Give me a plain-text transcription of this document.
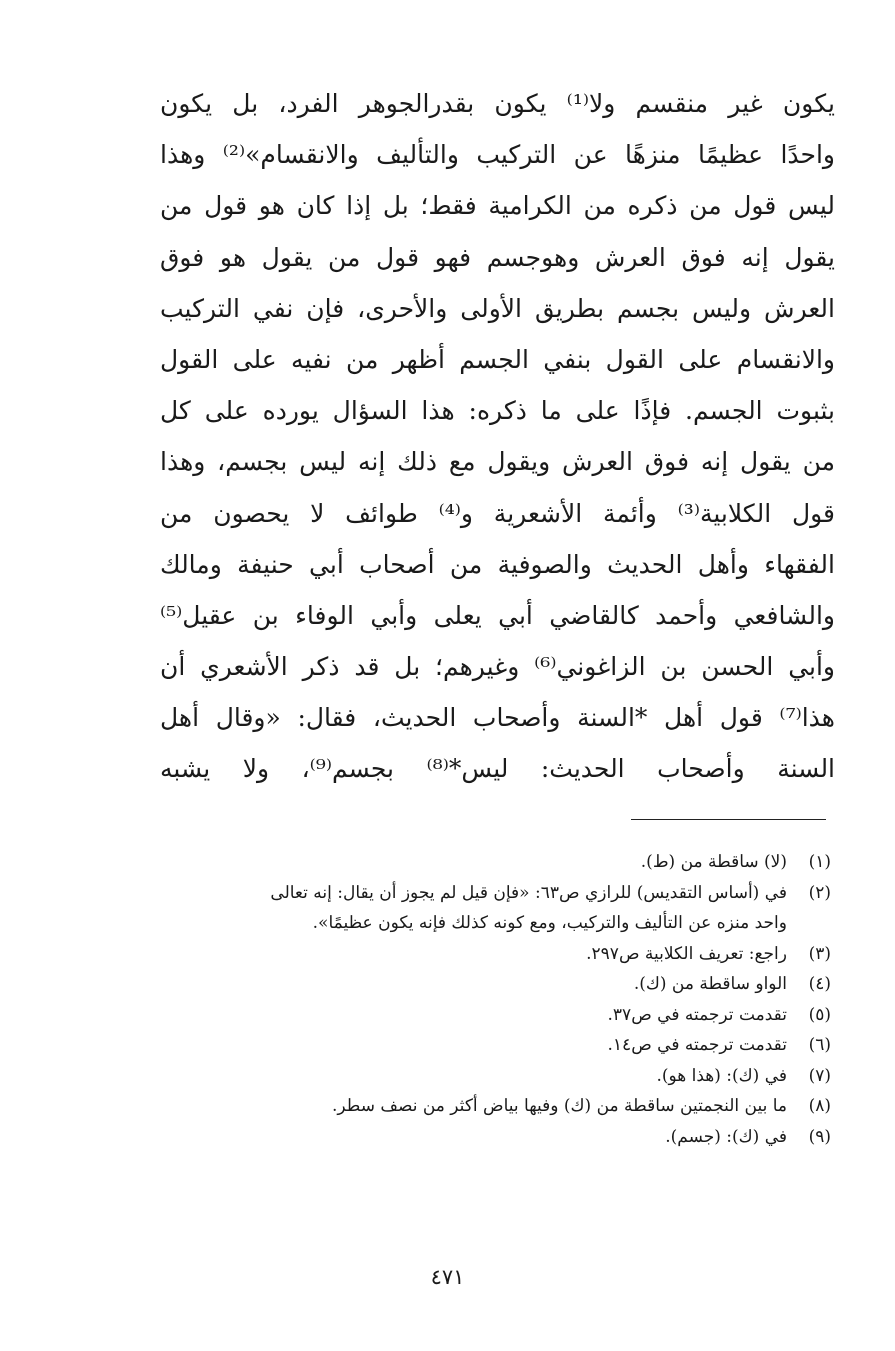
يكون غير منقسم ولا⁽¹⁾ يكون بقدرالجوهر الفرد، بل يكون
واحدًا عظيمًا منزهًا عن التركيب والتأليف والانقسام»⁽²⁾ وهذا
ليس قول من ذكره من الكرامية فقط؛ بل إذا كان هو قول من
يقول إنه فوق العرش وهوجسم فهو قول من يقول هو فوق
العرش وليس بجسم بطريق الأولى والأحرى، فإن نفي التركيب
والانقسام على القول بنفي الجسم أظهر من نفيه على القول
بثبوت الجسم. فإذًا على ما ذكره: هذا السؤال يورده على كل
من يقول إنه فوق العرش ويقول مع ذلك إنه ليس بجسم، وهذا
قول الكلابية⁽³⁾ وأئمة الأشعرية و⁽⁴⁾ طوائف لا يحصون من
الفقهاء وأهل الحديث والصوفية من أصحاب أبي حنيفة ومالك
والشافعي وأحمد كالقاضي أبي يعلى وأبي الوفاء بن عقيل⁽⁵⁾
وأبي الحسن بن الزاغوني⁽⁶⁾ وغيرهم؛ بل قد ذكر الأشعري أن
هذا⁽⁷⁾ قول أهل *السنة وأصحاب الحديث، فقال: «وقال أهل
السنة وأصحاب الحديث: ليس*⁽⁸⁾ بجسم⁽⁹⁾، ولا يشبه
(١)
(لا) ساقطة من (ط).
(٢)
في (أساس التقديس) للرازي ص٦٣: «فإن قيل لم يجوز أن يقال: إنه تعالى
واحد منزه عن التأليف والتركيب، ومع كونه كذلك فإنه يكون عظيمًا».
(٣)
راجع: تعريف الكلابية ص٢٩٧.
(٤)
الواو ساقطة من (ك).
(٥)
تقدمت ترجمته في ص٣٧.
(٦)
تقدمت ترجمته في ص١٤.
(٧)
في (ك): (هذا هو).
(٨)
ما بين النجمتين ساقطة من (ك) وفيها بياض أكثر من نصف سطر.
(٩)
في (ك): (جسم).
٤٧١
